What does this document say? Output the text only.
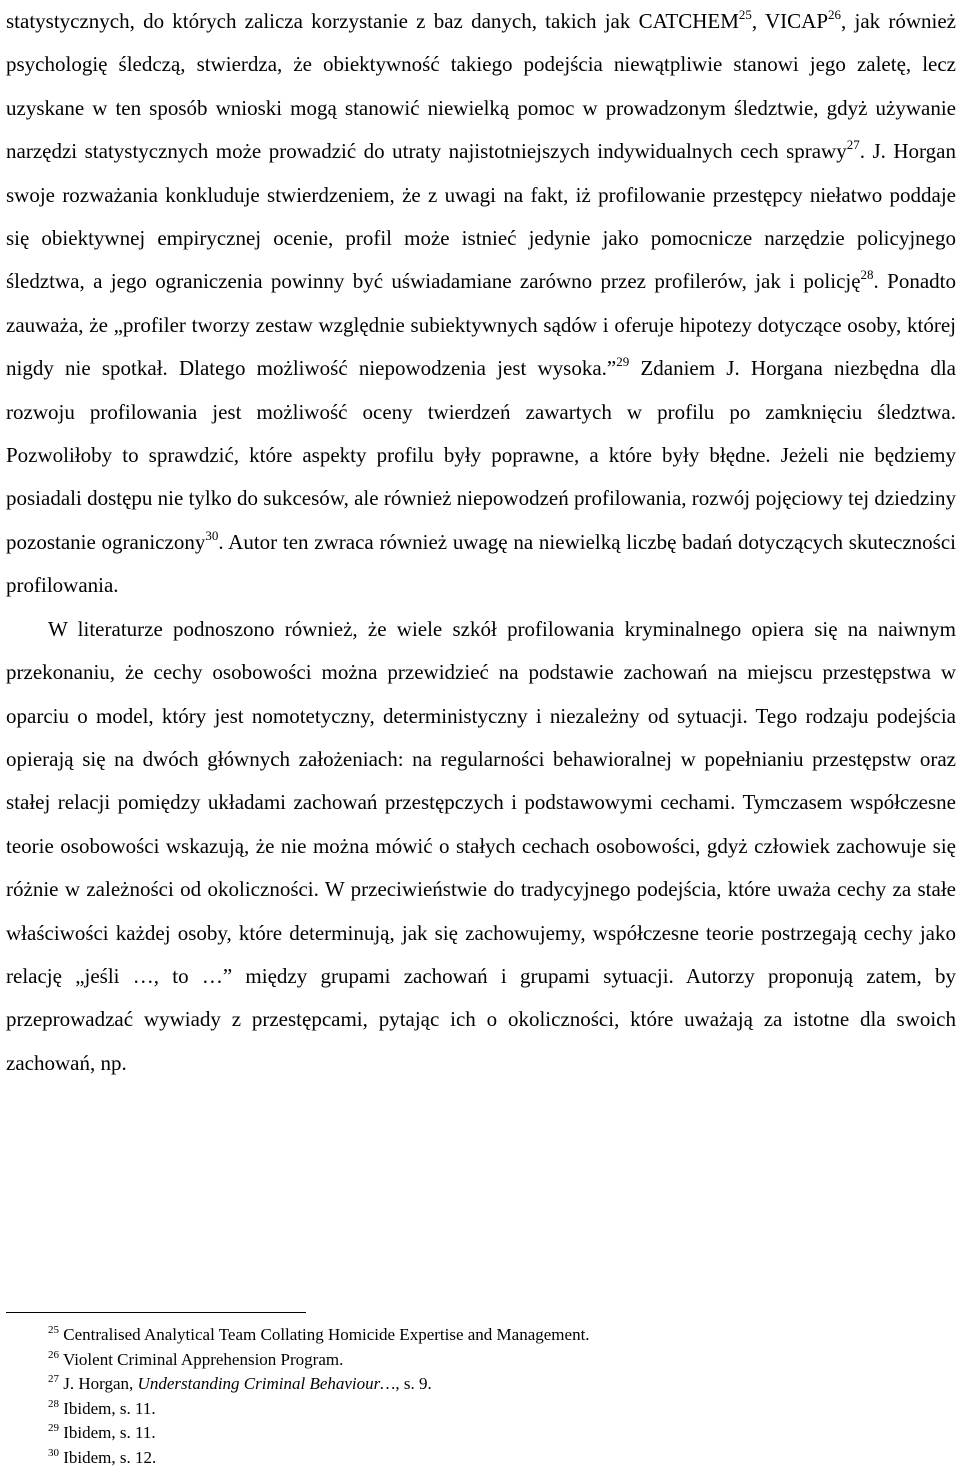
statystycznych, do których zalicza korzystanie z baz danych, takich jak CATCHEM$^{25}$, VICAP$^{26}$, jak również psychologię śledczą, stwierdza, że obiektywność takiego podejścia niewątpliwie stanowi jego zaletę, lecz uzyskane w ten sposób wnioski mogą stanowić niewielką pomoc w prowadzonym śledztwie, gdyż używanie narzędzi statystycznych może prowadzić do utraty najistotniejszych indywidualnych cech sprawy$^{27}$. J. Horgan swoje rozważania konkluduje stwierdzeniem, że z uwagi na fakt, iż profilowanie przestępcy niełatwo poddaje się obiektywnej empirycznej ocenie, profil może istnieć jedynie jako pomocnicze narzędzie policyjnego śledztwa, a jego ograniczenia powinny być uświadamiane zarówno przez profilerów, jak i policję$^{28}$. Ponadto zauważa, że „profiler tworzy zestaw względnie subiektywnych sądów i oferuje hipotezy dotyczące osoby, której nigdy nie spotkał. Dlatego możliwość niepowodzenia jest wysoka.”$^{29}$ Zdaniem J. Horgana niezbędna dla rozwoju profilowania jest możliwość oceny twierdzeń zawartych w profilu po zamknięciu śledztwa. Pozwoliłoby to sprawdzić, które aspekty profilu były poprawne, a które były błędne. Jeżeli nie będziemy posiadali dostępu nie tylko do sukcesów, ale również niepowodzeń profilowania, rozwój pojęciowy tej dziedziny pozostanie ograniczony$^{30}$. Autor ten zwraca również uwagę na niewielką liczbę badań dotyczących skuteczności profilowania.

W literaturze podnoszono również, że wiele szkół profilowania kryminalnego opiera się na naiwnym przekonaniu, że cechy osobowości można przewidzieć na podstawie zachowań na miejscu przestępstwa w oparciu o model, który jest nomotetyczny, deterministyczny i niezależny od sytuacji. Tego rodzaju podejścia opierają się na dwóch głównych założeniach: na regularności behawioralnej w popełnianiu przestępstw oraz stałej relacji pomiędzy układami zachowań przestępczych i podstawowymi cechami. Tymczasem współczesne teorie osobowości wskazują, że nie można mówić o stałych cechach osobowości, gdyż człowiek zachowuje się różnie w zależności od okoliczności. W przeciwieństwie do tradycyjnego podejścia, które uważa cechy za stałe właściwości każdej osoby, które determinują, jak się zachowujemy, współczesne teorie postrzegają cechy jako relację „jeśli …, to …” między grupami zachowań i grupami sytuacji. Autorzy proponują zatem, by przeprowadzać wywiady z przestępcami, pytając ich o okoliczności, które uważają za istotne dla swoich zachowań, np.

$^{25}$ Centralised Analytical Team Collating Homicide Expertise and Management.

$^{26}$ Violent Criminal Apprehension Program.

$^{27}$ J. Horgan, Understanding Criminal Behaviour…, s. 9.

$^{28}$ Ibidem, s. 11.

$^{29}$ Ibidem, s. 11.

$^{30}$ Ibidem, s. 12.
